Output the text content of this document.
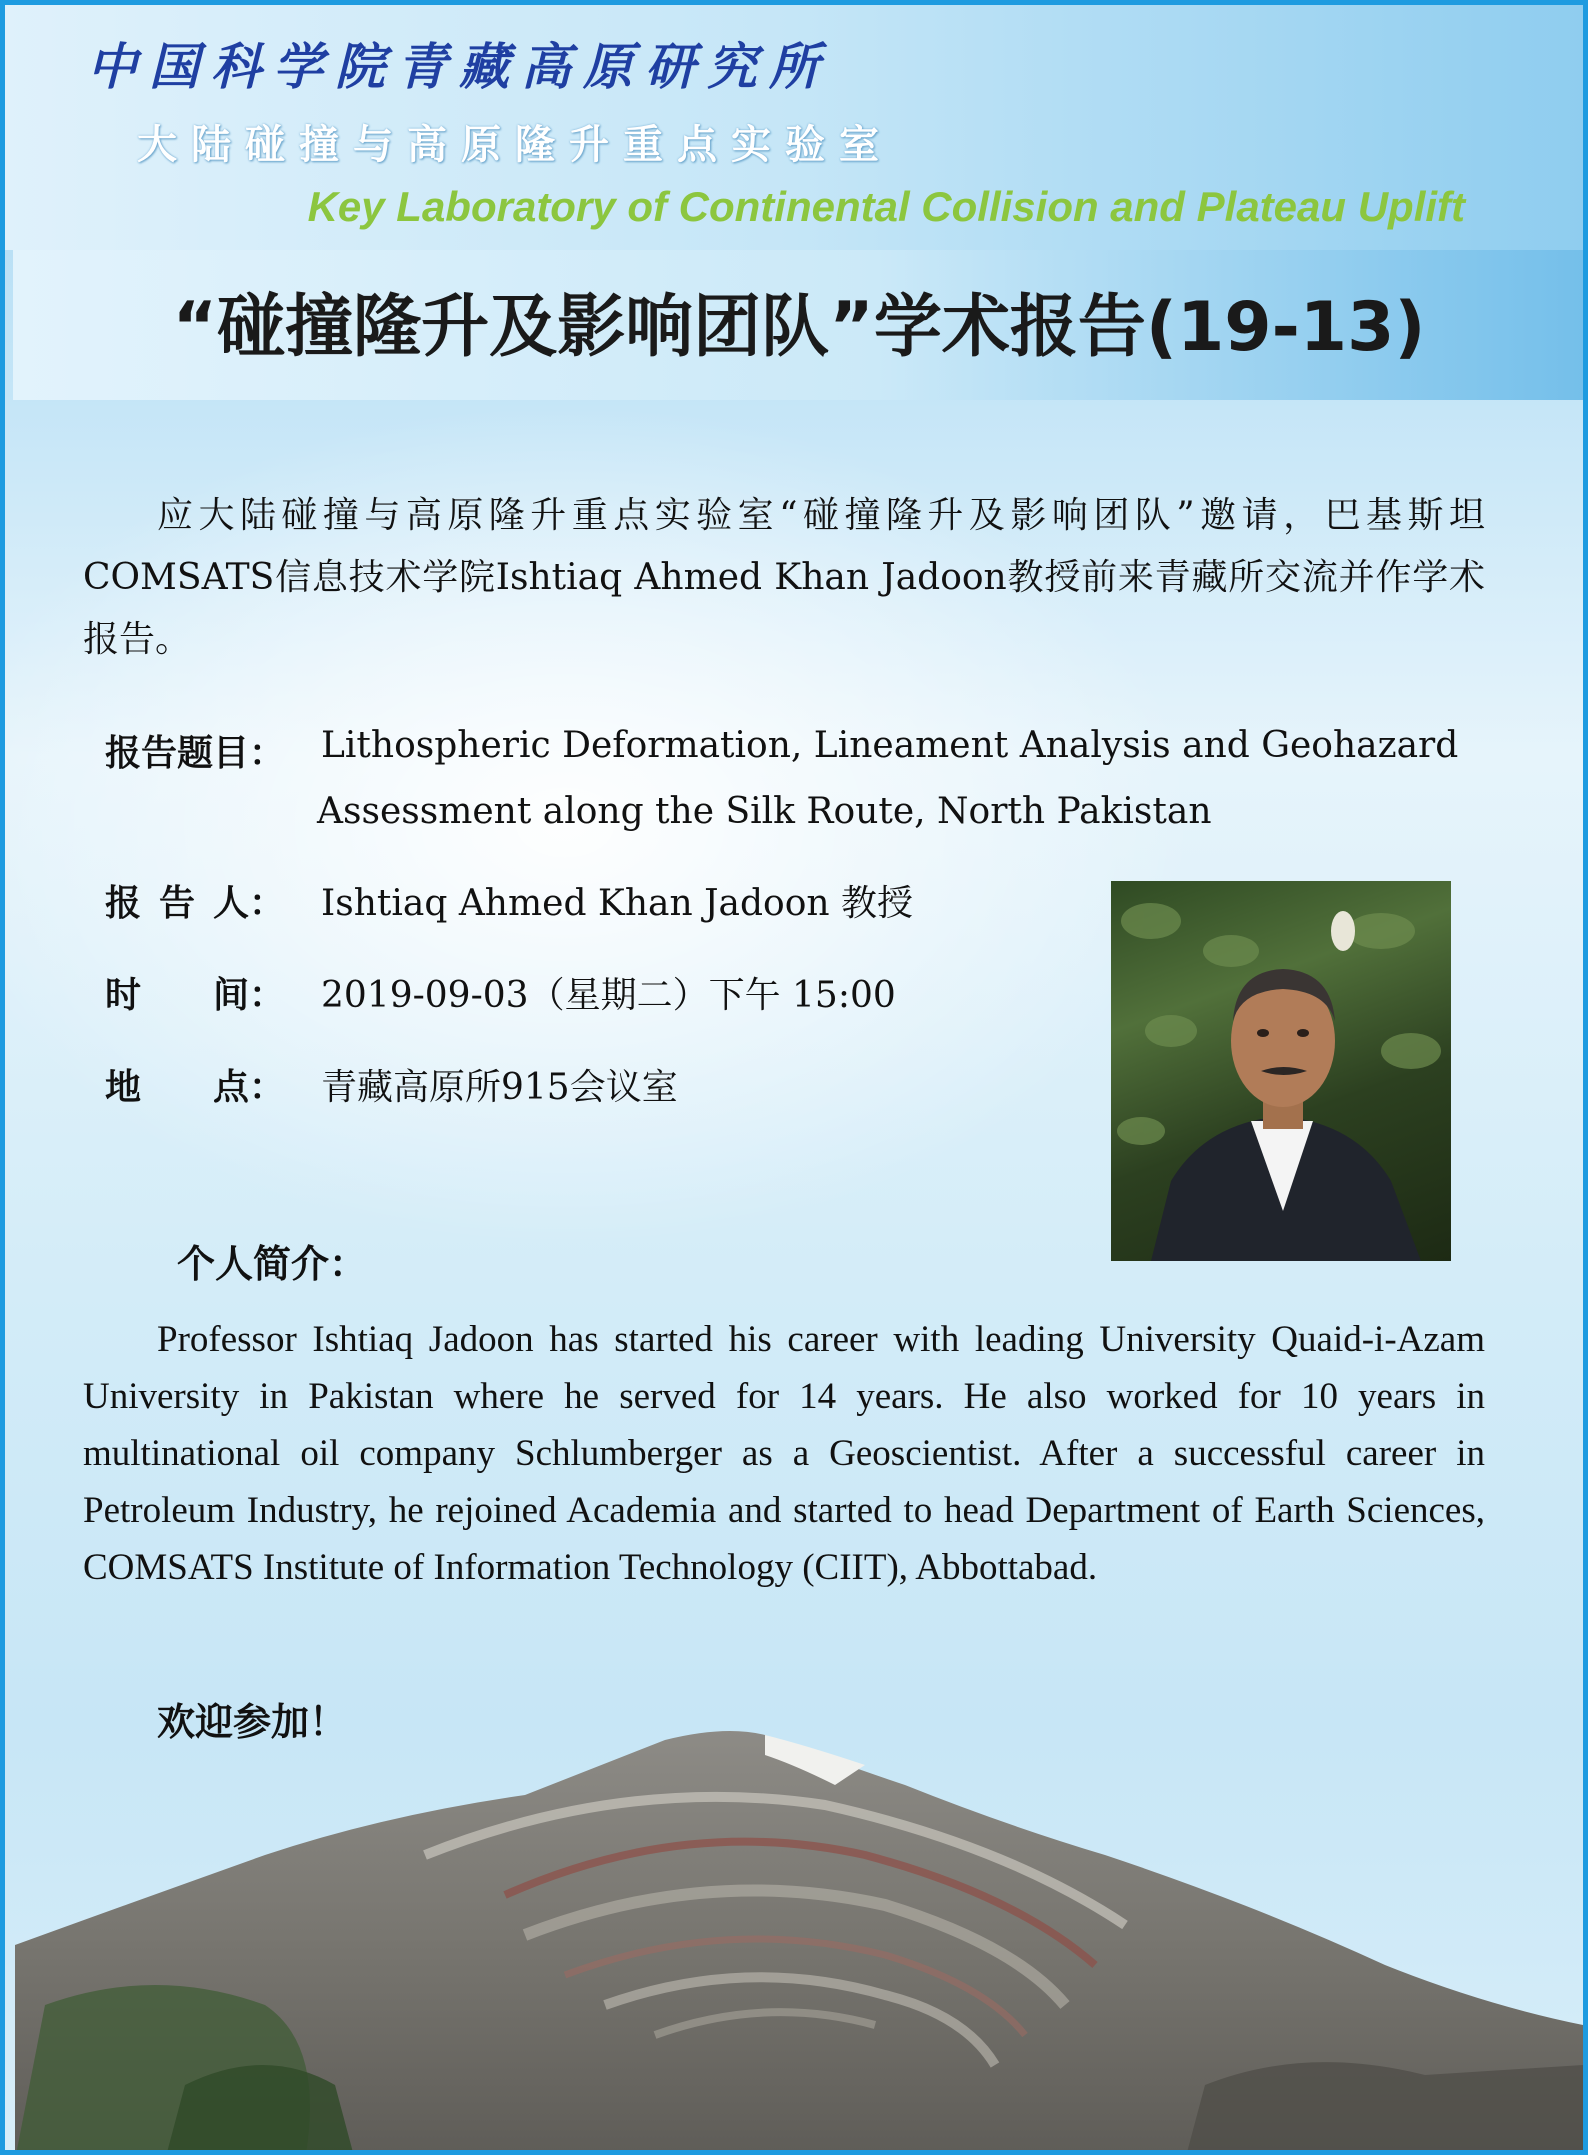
中国科学院青藏高原研究所
大陆碰撞与高原隆升重点实验室
Key Laboratory of Continental Collision and Plateau Uplift
“碰撞隆升及影响团队”学术报告(19-13)
应大陆碰撞与高原隆升重点实验室“碰撞隆升及影响团队”邀请，巴基斯坦COMSATS信息技术学院Ishtiaq Ahmed Khan Jadoon教授前来青藏所交流并作学术报告。
报告题目： Lithospheric Deformation, Lineament Analysis and Geohazard
Assessment along the Silk Route, North Pakistan
报 告 人： Ishtiaq Ahmed Khan Jadoon 教授
时 间： 2019-09-03（星期二）下午 15:00
地 点： 青藏高原所915会议室
个人简介：
Professor Ishtiaq Jadoon has started his career with leading University Quaid-i-Azam University in Pakistan where he served for 14 years. He also worked for 10 years in multinational oil company Schlumberger as a Geoscientist. After a successful career in Petroleum Industry, he rejoined Academia and started to head Department of Earth Sciences, COMSATS Institute of Information Technology (CIIT), Abbottabad.
欢迎参加！
